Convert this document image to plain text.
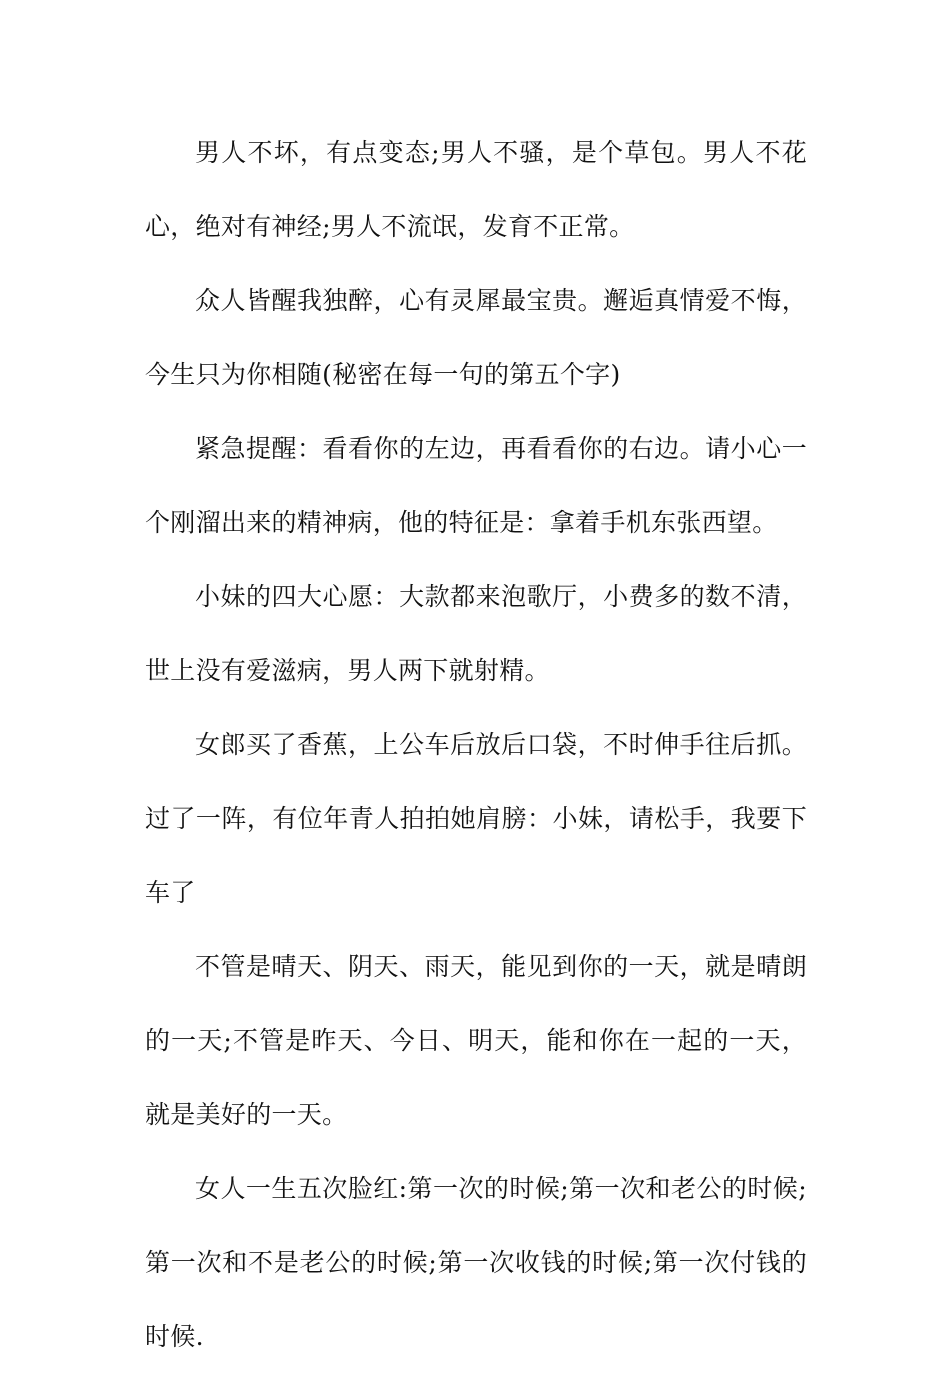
男人不坏，有点变态;男人不骚，是个草包。男人不花心，绝对有神经;男人不流氓，发育不正常。

众人皆醒我独醉，心有灵犀最宝贵。邂逅真情爱不悔，今生只为你相随(秘密在每一句的第五个字)

紧急提醒：看看你的左边，再看看你的右边。请小心一个刚溜出来的精神病，他的特征是：拿着手机东张西望。

小妹的四大心愿：大款都来泡歌厅，小费多的数不清，世上没有爱滋病，男人两下就射精。

女郎买了香蕉，上公车后放后口袋，不时伸手往后抓。过了一阵，有位年青人拍拍她肩膀：小妹，请松手，我要下车了

不管是晴天、阴天、雨天，能见到你的一天，就是晴朗的一天;不管是昨天、今日、明天，能和你在一起的一天，就是美好的一天。

女人一生五次脸红:第一次的时候;第一次和老公的时候;第一次和不是老公的时候;第一次收钱的时候;第一次付钱的时候.
